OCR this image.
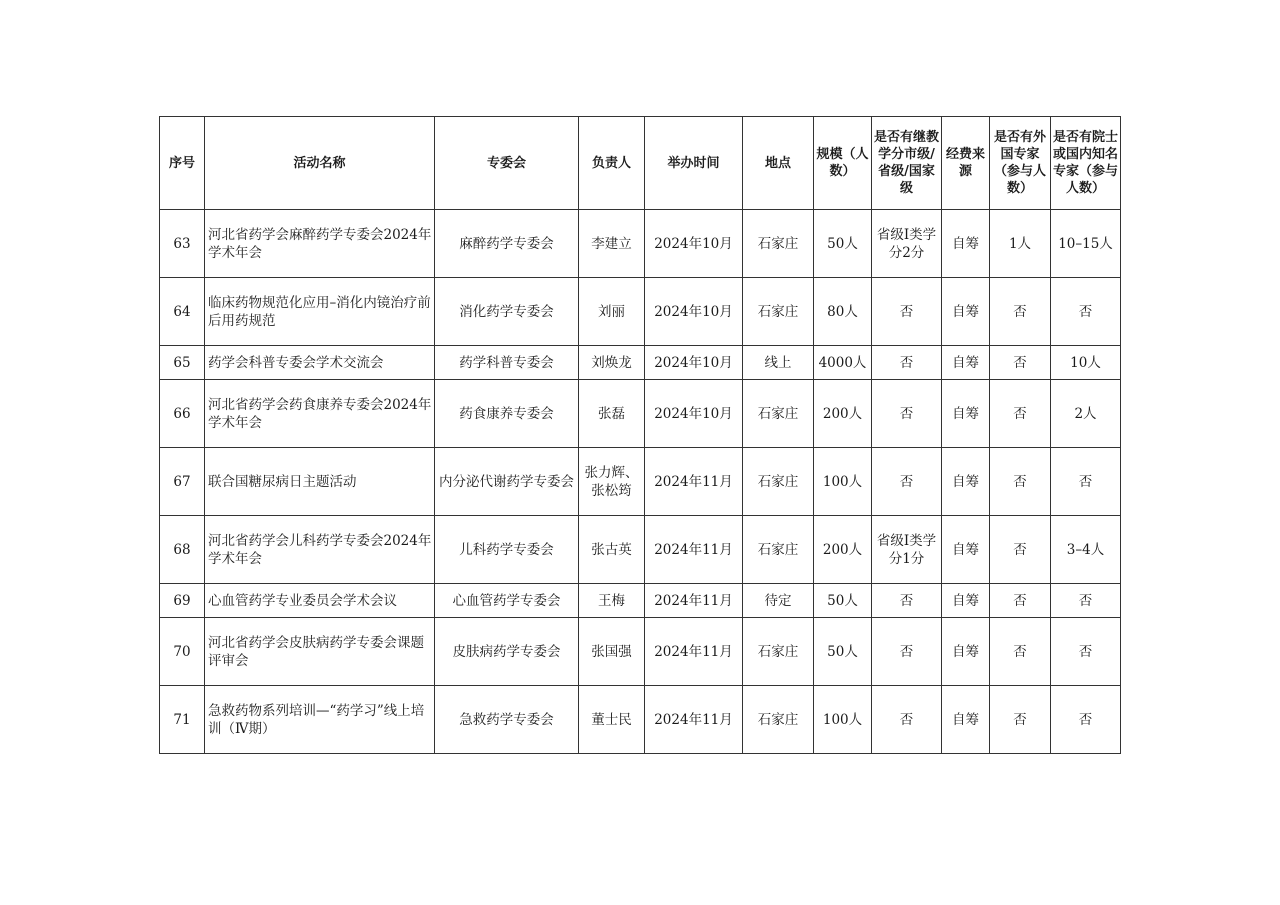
序号	活动名称	专委会	负责人	举办时间	地点	规模（人数）	是否有继教学分市级/省级/国家级	经费来源	是否有外国专家（参与人数）	是否有院士或国内知名专家（参与人数）
63	河北省药学会麻醉药学专委会2024年学术年会	麻醉药学专委会	李建立	2024年10月	石家庄	50人	省级Ⅰ类学分2分	自筹	1人	10–15人
64	临床药物规范化应用–消化内镜治疗前后用药规范	消化药学专委会	刘丽	2024年10月	石家庄	80人	否	自筹	否	否
65	药学会科普专委会学术交流会	药学科普专委会	刘焕龙	2024年10月	线上	4000人	否	自筹	否	10人
66	河北省药学会药食康养专委会2024年学术年会	药食康养专委会	张磊	2024年10月	石家庄	200人	否	自筹	否	2人
67	联合国糖尿病日主题活动	内分泌代谢药学专委会	张力辉、张松筠	2024年11月	石家庄	100人	否	自筹	否	否
68	河北省药学会儿科药学专委会2024年学术年会	儿科药学专委会	张古英	2024年11月	石家庄	200人	省级Ⅰ类学分1分	自筹	否	3–4人
69	心血管药学专业委员会学术会议	心血管药学专委会	王梅	2024年11月	待定	50人	否	自筹	否	否
70	河北省药学会皮肤病药学专委会课题评审会	皮肤病药学专委会	张国强	2024年11月	石家庄	50人	否	自筹	否	否
71	急救药物系列培训—“药学习”线上培训（Ⅳ期）	急救药学专委会	董士民	2024年11月	石家庄	100人	否	自筹	否	否
